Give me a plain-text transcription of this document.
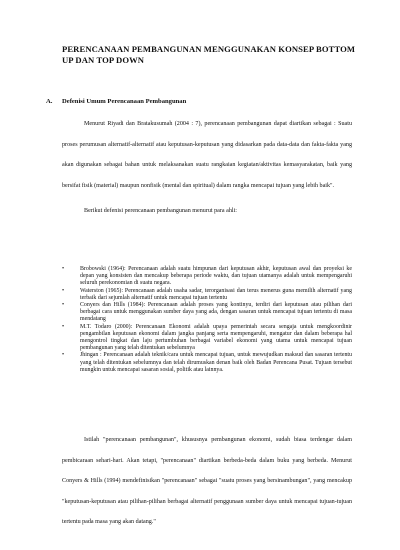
PERENCANAAN PEMBANGUNAN MENGGUNAKAN KONSEP BOTTOM UP DAN TOP DOWN
A. Defenisi Umum Perencanaan Pembangunan
Menurut Riyadi dan Bratakusumah (2004 : 7), perencanaan pembangunan dapat diartikan sebagai : Suatu proses perumusan alternatif-alternatif atau keputusan-keputusan yang didasarkan pada data-data dan fakta-fakta yang akan digunakan sebagai bahan untuk melaksanakan suatu rangkaian kegiatan/aktivitas kemasyarakatan, baik yang bersifat fisik (material) maupun nonfisik (mental dan spiritual) dalam rangka mencapai tujuan yang lebih baik".
Berikut defenisi perencanaan pembangunan menurut para ahli:
•	Brobowski (1964): Perencanaan adalah suatu himpunan dari keputusan akhir, keputusan awal dan proyeksi ke depan yang konsisten dan mencakup beberapa periode waktu, dan tujuan utamanya adalah untuk mempengaruhi seluruh perekonomian di suatu negara.
•	Waterston (1965): Perencanaan adalah usaha sadar, terorganisasi dan terus menerus guna memilih alternatif yang terbaik dari sejumlah alternatif untuk mencapai tujuan tertentu
•	Conyers dan Hills (1984): Perencanaan adalah proses yang kontinyu, terdiri dari keputusan atau pilihan dari berbagai cara untuk menggunakan sumber daya yang ada, dengan sasaran untuk mencapai tujuan tertentu di masa mendatang
•	M.T. Todaro (2000): Perencanaan Ekonomi adalah upaya pemerintah secara sengaja untuk mengkoordinir pengambilan keputusan ekonomi dalam jangka panjang serta mempengaruhi, mengatur dan dalam beberapa hal mengontrol tingkat dan laju pertumbuhan berbagai variabel ekonomi yang utama untuk mencapai tujuan pembangunan yang telah ditentukan sebelumnya
•	Jhingan : Perencanaan adalah teknik/cara untuk mencapai tujuan, untuk mewujudkan maksud dan sasaran tertentu yang telah ditentukan sebelumnya dan telah dirumuskan denan baik oleh Badan Perencana Pusat. Tujuan tersebut mungkin untuk mencapai sasaran sosial, politik atau lainnya.
Istilah "perencanaan pembangunan", khususnya pembangunan ekonomi, sudah biasa terdengar dalam pembicaraan sehari-hari. Akan tetapi, "perencanaan" diartikan berbeda-beda dalam buku yang berbeda. Menurut Conyers & Hills (1994) mendefinisikan "perencanaan" sebagai "suatu proses yang bersinambungan", yang mencakup "keputusan-keputusan atau pilihan-pilihan berbagai alternatif penggunaan sumber daya untuk mencapai tujuan-tujuan tertentu pada masa yang akan datang."
